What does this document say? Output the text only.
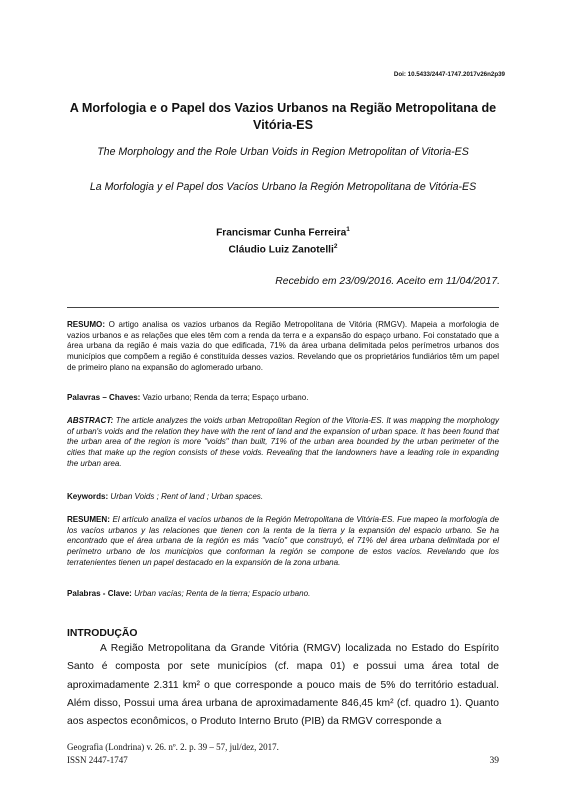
Doi: 10.5433/2447-1747.2017v26n2p39
A Morfologia e o Papel dos Vazios Urbanos na Região Metropolitana de Vitória-ES
The Morphology and the Role Urban Voids in Region Metropolitan of Vitoria-ES
La Morfologia y el Papel dos Vacíos Urbano la Región Metropolitana de Vitória-ES
Francismar Cunha Ferreira$^1$
Cláudio Luiz Zanotelli$^2$
Recebido em 23/09/2016. Aceito em 11/04/2017.
RESUMO: O artigo analisa os vazios urbanos da Região Metropolitana de Vitória (RMGV). Mapeia a morfologia de vazios urbanos e as relações que eles têm com a renda da terra e a expansão do espaço urbano. Foi constatado que a área urbana da região é mais vazia do que edificada, 71% da área urbana delimitada pelos perímetros urbanos dos municípios que compõem a região é constituída desses vazios. Revelando que os proprietários fundiários têm um papel de primeiro plano na expansão do aglomerado urbano.
Palavras – Chaves: Vazio urbano; Renda da terra; Espaço urbano.
ABSTRACT: The article analyzes the voids urban Metropolitan Region of the Vitoria-ES. It was mapping the morphology of urban's voids and the relation they have with the rent of land and the expansion of urban space. It has been found that the urban area of the region is more "voids" than built, 71% of the urban area bounded by the urban perimeter of the cities that make up the region consists of these voids. Revealing that the landowners have a leading role in expanding the urban area.
Keywords: Urban Voids ; Rent of land ; Urban spaces.
RESUMEN: El artículo analiza el vacíos urbanos de la Región Metropolitana de Vitória-ES. Fue mapeo la morfología de los vacíos urbanos y las relaciones que tienen con la renta de la tierra y la expansión del espacio urbano. Se ha encontrado que el área urbana de la región es más "vacío" que construyó, el 71% del área urbana delimitada por el perímetro urbano de los municipios que conforman la región se compone de estos vacíos. Revelando que los terratenientes tienen un papel destacado en la expansión de la zona urbana.
Palabras - Clave: Urban vacías; Renta de la tierra; Espacio urbano.
INTRODUÇÃO

A Região Metropolitana da Grande Vitória (RMGV) localizada no Estado do Espírito Santo é composta por sete municípios (cf. mapa 01) e possui uma área total de aproximadamente 2.311 km² o que corresponde a pouco mais de 5% do território estadual. Além disso, Possui uma área urbana de aproximadamente 846,45 km² (cf. quadro 1). Quanto aos aspectos econômicos, o Produto Interno Bruto (PIB) da RMGV corresponde a

Geografia (Londrina) v. 26. nº. 2. p. 39 – 57, jul/dez, 2017.
ISSN 2447-1747	39
